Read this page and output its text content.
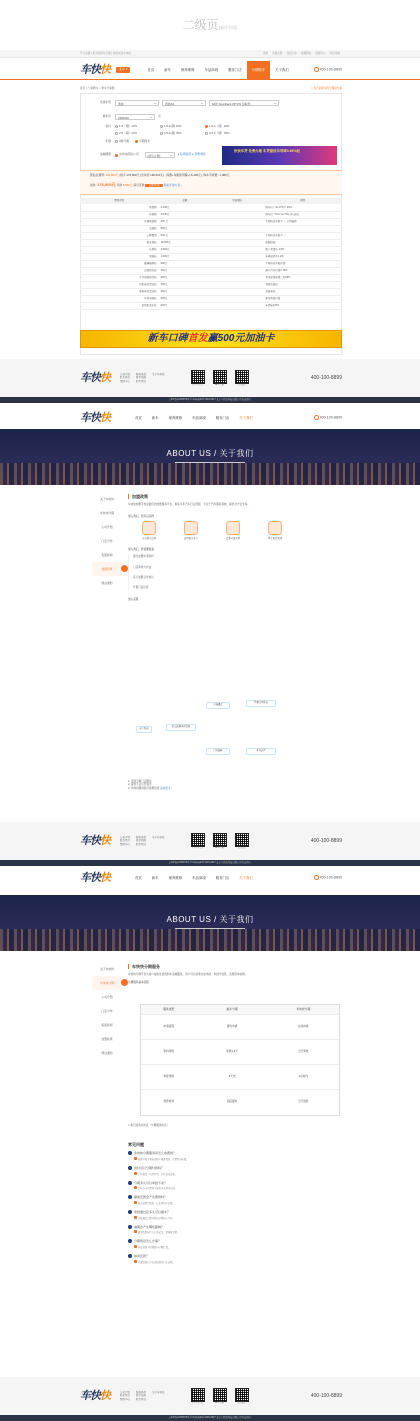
二级页(新计页面)
开心加盟 | 最大的新车分期 | 欢迎来到车快快	登录 免费注册 我的订单 收藏网站 客服中心 网站导航
车快快	北京 ▾	首页	新车	保养维修	车品商城	服务门店	分期购车	关于我们	400-100-8899
首页 > 分期购车 > 购车计算器	□ 在已是新车的分期时代看
选择车型	奥迪	奥迪A3	18款 Sportback 35TFSI 进取型
裸车价	1950000	元
首付	1-5（期）12%	1-5-1(期) 15%	1-5-2（期）20%
2-5（期）25%	3-5-1(期) 35%	3-5-2（期）35%
年限	3期分期	分期两年
金融期限	车快快保险公司	[按年计费]	● 险期说明 ● 保费调低
快快车贷 免费办理 车贷最低年利率0.69%起
预估总费用: 195,800元 首付: 176,000元 (含车价 196,000元) , 保费+车船使用税+(-6,400元), 购车手续费 : 1,986元
首付: 176,000元 月供 5,890元 每月还款 立即申请 查看详细方案 ›
费用项目	金额	可选保险	说明
购置税	2,336元		购车价 / (1+17%) * 10%
车船税	3,000元		购车价 * 5% (1+17%) (车全险)
车辆购置税	300 元		不同地区车船不一, 示例最新
交强险	950元		
上牌费用	500 元		不同地区车船不一
商业保险	18,600元		依据标准
车损险	3,984元		第三者责任 4.5%
划痕险	1,000元		车辆总损失1.2%
玻璃破碎险	600元		不同地区车船价格
自燃损失险	300元		国产汽车价格0.15%
不计免赔特约险	900元		基本险保险费之和20%
司机座位责任险	400元		驾驶员座位
乘客座位责任险	400元		乘客座位
车身划痕险	600元		新车购置价格
发动机涉水险	600元		车损险的5%
新车口碑首发赢500元加油卡
车快快	公司介绍
联系我们
帮助中心
服务条款
新手指南
联系我们
关于车快快
扫一扫关注	APP下载	关注微信
400-100-8899
京ICP备12345678号 © Copyright© 2015-2017 北京车快快科技有限公司 版权所有
车快快	首页	新车	保养维修	车品商城	服务门店	关于我们	400-100-8899
ABOUT US / 关于我们
关于车快快
车快快分期
公司介绍
门店分布
集团新闻
加盟政策
网站通知
加盟政策

车快快加盟平台是最佳的加盟服务平台，拥有多年汽车行业经验，专注于汽车服务领域，提供全方位支持。

加入我们，您可以获得

门店独立运营	获得更多客户	资源全面共享	享受更高利润

加入我们，您需要准备

提交加盟申请资料
门店审核与评估
签订加盟合作协议
开展门店运营

加入流程

客户咨询
提交加盟申请资料
审核通过
签署合作协议
门店装修	开业运营
1. 全国分期门店服务
2. 提供专业运营指导
3. 详细问题请拨打客服热线 查看更多 ›
车快快	公司介绍
联系我们
帮助中心
服务条款
新手指南
联系我们
关于车快快
扫一扫关注	APP下载	关注微信
400-100-8899
京ICP备12345678号 © Copyright© 2015-2017 北京车快快科技有限公司 版权所有
车快快	首页	新车	保养维修	车品商城	服务门店	关于我们	400-100-8899
ABOUT US / 关于我们
关于车快快
车快快分期
公司介绍
门店分布
集团新闻
加盟政策
网站通知
车快快分期服务

车快快分期平台为客户提供优质的购车金融服务，用户可以快速完成申请、审批与放款，流程简单快捷。

分期服务基本流程

服务类型	租车分期	车快快分期
申请流程	提交申请	在线申请
资料审核	审核1-3天	当天审核
审批速度	3天内	1小时内
放款时间	到店提车	当天放款
□ 我已阅读并同意《分期服务协议》
常见问题
车快快分期服务是怎么收费的？
按照分期方案收取相应服务费用，详情咨询客服。
首付可以分期付款吗？
首付款需一次性付清，后续按月还款。
分期多久可以审批下来？
资料齐全的情况下最快当天即可审批。
提前还款会产生费用吗？
提前还款需收取一定比例的手续费。
审批通过后多久可以提车？
审批通过后即可到店办理提车手续。
逾期会产生哪些影响？
逾期将影响个人信用记录，请按时还款。
分期利息怎么计算？
利息按照分期期数与金额计算。
如何还款？
可通过银行卡自动扣款或门店还款。
车快快	公司介绍
联系我们
帮助中心
服务条款
新手指南
联系我们
关于车快快
扫一扫关注	APP下载	关注微信
400-100-8899
京ICP备12345678号 © Copyright© 2015-2017 北京车快快科技有限公司 版权所有
